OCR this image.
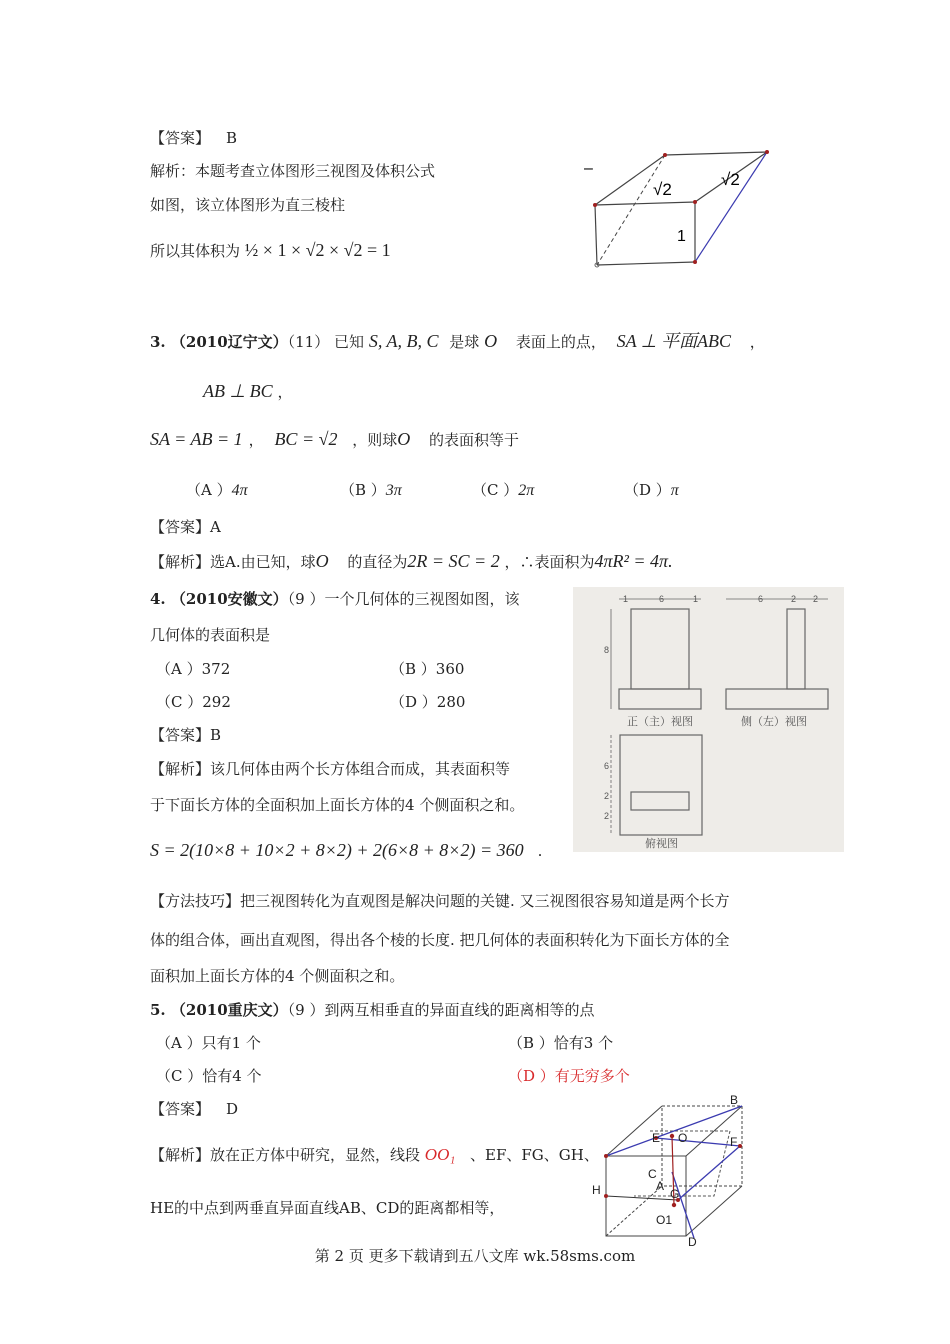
【答案】 B
解析：本题考查立体图形三视图及体积公式
如图，该立体图形为直三棱柱
所以其体积为 ½ × 1 × √2 × √2 = 1
–
√2
√2
1
3. （2010辽宁文）（11） 已知 S, A, B, C 是球 O 表面上的点， SA ⊥ 平面ABC ，
AB ⊥ BC ，
SA = AB = 1 ， BC = √2 ，则球O 的表面积等于
（A ）4π	（B ）3π	（C ）2π	（D ）π
【答案】A
【解析】选A.由已知，球O 的直径为2R = SC = 2 ，∴表面积为4πR² = 4π.
4. （2010安徽文）（9 ）一个几何体的三视图如图，该
几何体的表面积是
（A ）372	（B ）360
（C ）292	（D ）280
【答案】B
【解析】该几何体由两个长方体组合而成，其表面积等
于下面长方体的全面积加上面长方体的4 个侧面积之和。
S = 2(10×8 + 10×2 + 8×2) + 2(6×8 + 8×2) = 360 .
1	6	1	6	2 2
8
6
2
2
正（主）视图	侧（左）视图
俯视图
【方法技巧】把三视图转化为直观图是解决问题的关键. 又三视图很容易知道是两个长方
体的组合体，画出直观图，得出各个棱的长度. 把几何体的表面积转化为下面长方体的全
面积加上面长方体的4 个侧面积之和。
5. （2010重庆文）（9 ）到两互相垂直的异面直线的距离相等的点
（A ）只有1 个	（B ）恰有3 个
（C ）恰有4 个	（D ）有无穷多个
【答案】 D
【解析】放在正方体中研究，显然，线段 OO₁ 、EF、FG、GH、
HE的中点到两垂直异面直线AB、CD的距离都相等，
B
E O	F
C
A
H	G
O1
D
第 2 页 更多下载请到五八文库 wk.58sms.com
